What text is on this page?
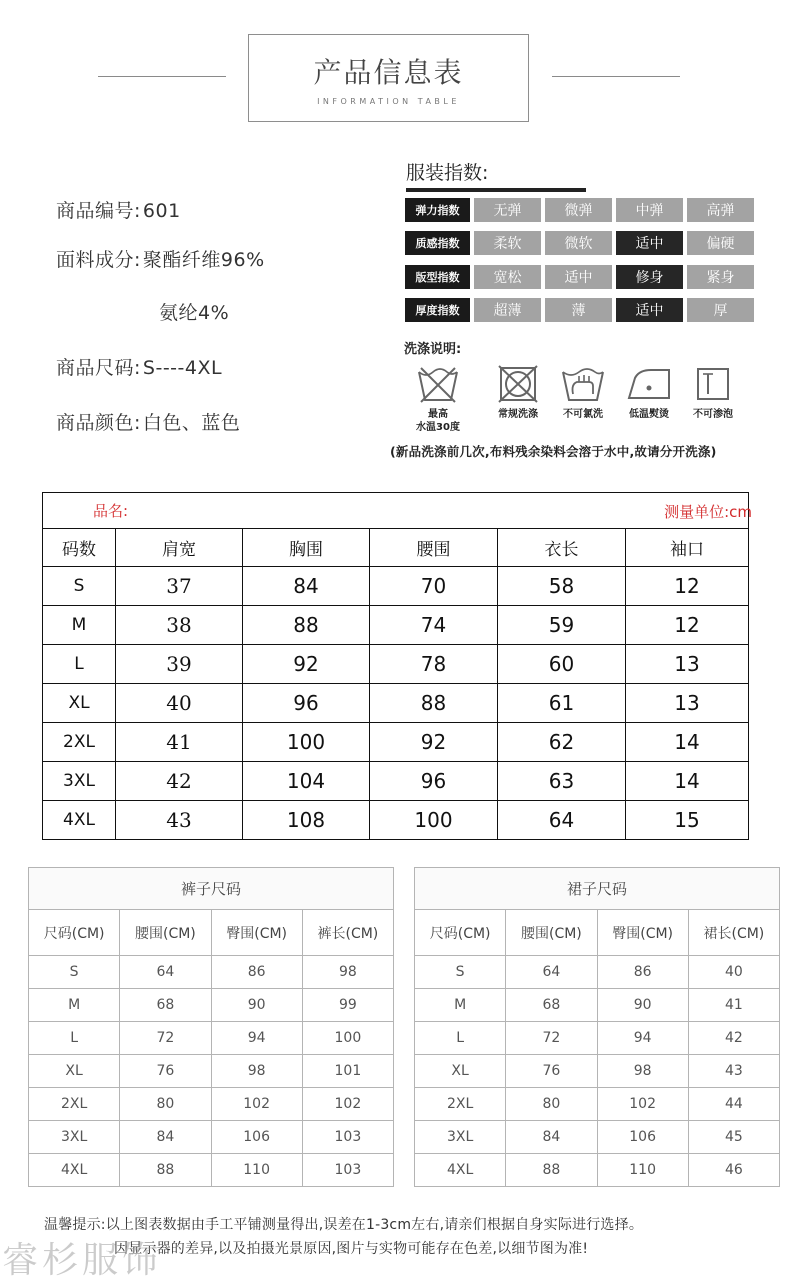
产品信息表
INFORMATION TABLE
商品编号: 601
面料成分: 聚酯纤维96%
氨纶4%
商品尺码: S----4XL
商品颜色: 白色、蓝色
服装指数:
弹力指数	无弹	微弹	中弹	高弹
质感指数	柔软	微软	适中	偏硬
版型指数	宽松	适中	修身	紧身
厚度指数	超薄	薄	适中	厚
洗涤说明:
最高
水温30度
常规洗涤	不可氯洗	低温熨烫	不可渗泡
(新品洗涤前几次,布料残余染料会溶于水中,故请分开洗涤)
品名:					
码数	肩宽	胸围	腰围	衣长	袖口
S	37	84	70	58	12
M	38	88	74	59	12
L	39	92	78	60	13
XL	40	96	88	61	13
2XL	41	100	92	62	14
3XL	42	104	96	63	14
4XL	43	108	100	64	15
测量单位:cm
裤子尺码			
尺码(CM)	腰围(CM)	臀围(CM)	裤长(CM)
S	64	86	98
M	68	90	99
L	72	94	100
XL	76	98	101
2XL	80	102	102
3XL	84	106	103
4XL	88	110	103
裙子尺码			
尺码(CM)	腰围(CM)	臀围(CM)	裙长(CM)
S	64	86	40
M	68	90	41
L	72	94	42
XL	76	98	43
2XL	80	102	44
3XL	84	106	45
4XL	88	110	46
温馨提示:以上图表数据由手工平铺测量得出,误差在1-3cm左右,请亲们根据自身实际进行选择。
因显示器的差异,以及拍摄光景原因,图片与实物可能存在色差,以细节图为准!
睿杉服饰
